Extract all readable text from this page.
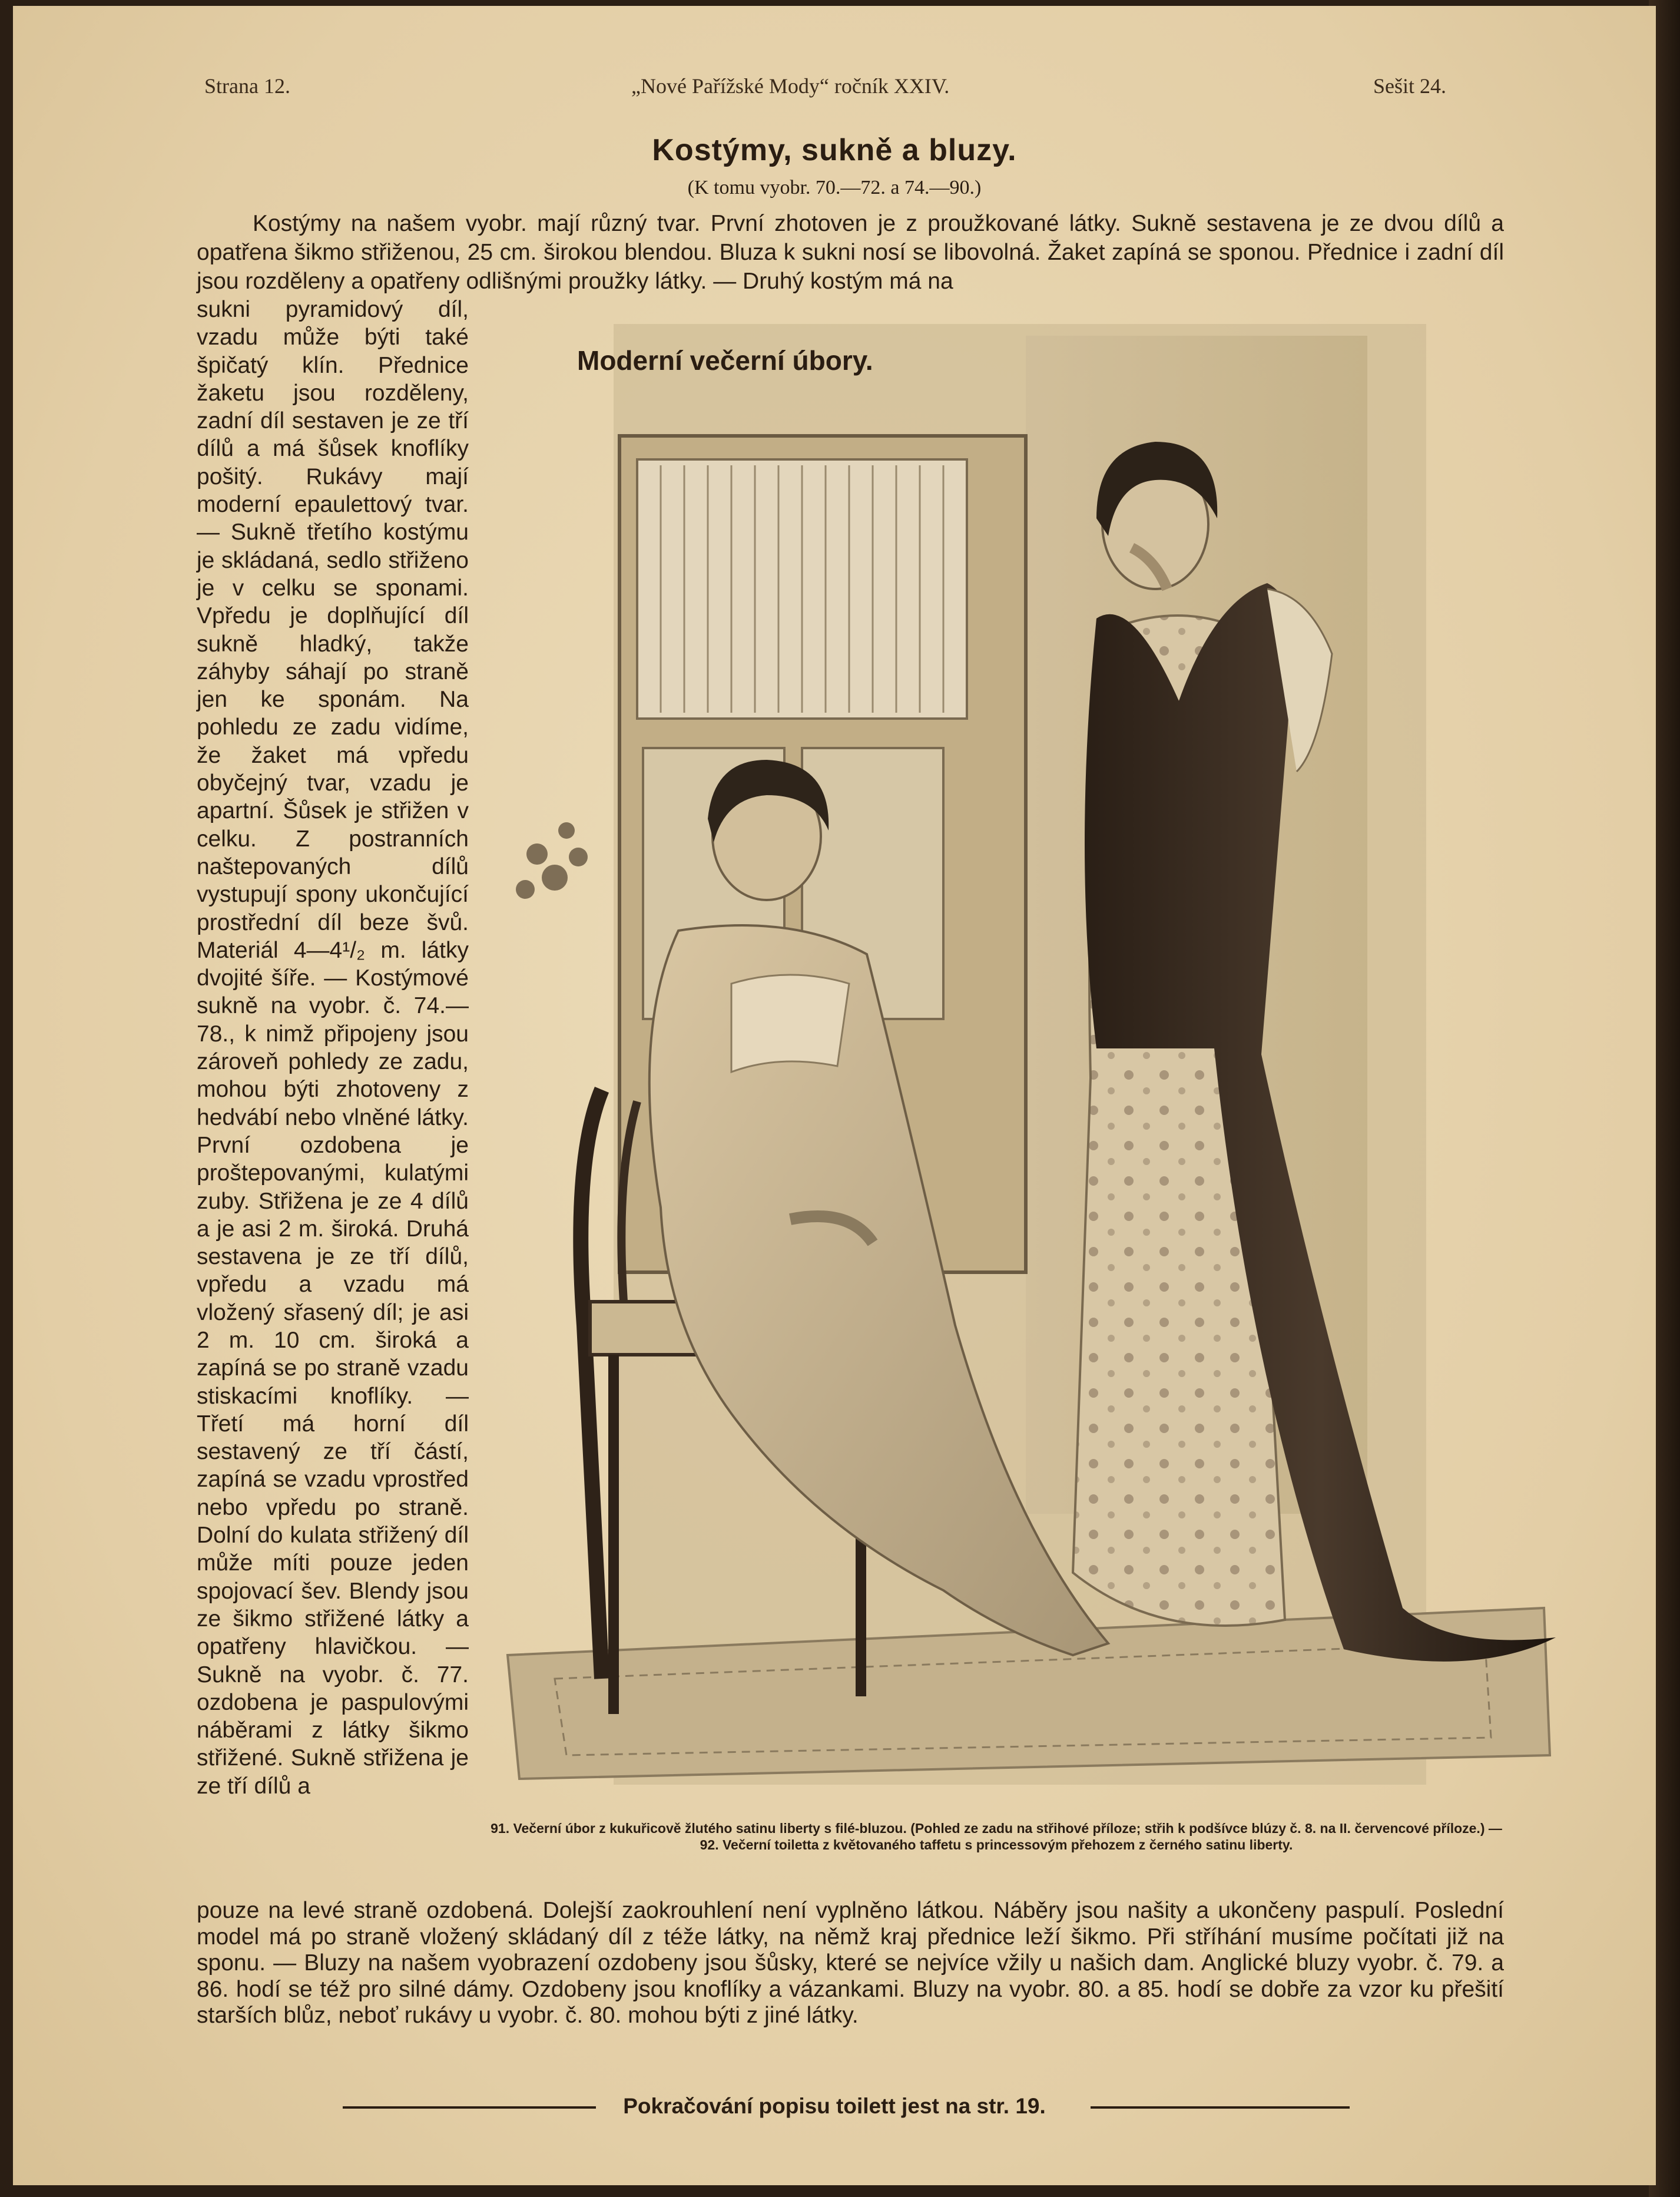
Strana 12.	„Nové Pařížské Mody“ ročník XXIV.	Sešit 24.
Kostýmy, sukně a bluzy.
(K tomu vyobr. 70.—72. a 74.—90.)
Kostýmy na našem vyobr. mají různý tvar. První zhotoven je z proužkované látky. Sukně sestavena je ze dvou dílů a opatřena šikmo střiženou, 25 cm. širokou blendou. Bluza k sukni nosí se libovolná. Žaket zapíná se sponou. Přednice i zadní díl jsou rozděleny a opatřeny odlišnými proužky látky. — Druhý kostým má na
sukni pyramidový díl, vzadu může býti také špičatý klín. Přednice žaketu jsou rozděleny, zadní díl sestaven je ze tří dílů a má šůsek knoflíky pošitý. Rukávy mají moderní epaulettový tvar. — Sukně třetího kostýmu je skládaná, sedlo střiženo je v celku se sponami. Vpředu je doplňující díl sukně hladký, takže záhyby sáhají po straně jen ke sponám. Na pohledu ze zadu vidíme, že žaket má vpředu obyčejný tvar, vzadu je apartní. Šůsek je střižen v celku. Z postranních naštepovaných dílů vystupují spony ukončující prostřední díl beze švů. Materiál 4—4¹/₂ m. látky dvojité šíře. — Kostýmové sukně na vyobr. č. 74.—78., k nimž připojeny jsou zároveň pohledy ze zadu, mohou býti zhotoveny z hedvábí nebo vlněné látky. První ozdobena je proštepovanými, kulatými zuby. Střižena je ze 4 dílů a je asi 2 m. široká. Druhá sestavena je ze tří dílů, vpředu a vzadu má vložený sřasený díl; je asi 2 m. 10 cm. široká a zapíná se po straně vzadu stiskacími knoflíky. — Třetí má horní díl sestavený ze tří částí, zapíná se vzadu vprostřed nebo vpředu po straně. Dolní do kulata střižený díl může míti pouze jeden spojovací šev. Blendy jsou ze šikmo střižené látky a opatřeny hlavičkou. — Sukně na vyobr. č. 77. ozdobena je paspulovými náběrami z látky šikmo střižené. Sukně střižena je ze tří dílů a
Moderní večerní úbory.
91. Večerní úbor z kukuřicově žlutého satinu liberty s filé-bluzou. (Pohled ze zadu na střihové příloze; střih k podšívce blúzy č. 8. na II. červencové příloze.) — 92. Večerní toiletta z květovaného taffetu s princessovým přehozem z černého satinu liberty.
pouze na levé straně ozdobená. Dolejší zaokrouhlení není vyplněno látkou. Náběry jsou našity a ukončeny paspulí. Poslední model má po straně vložený skládaný díl z téže látky, na němž kraj přednice leží šikmo. Při stříhání musíme počítati již na sponu. — Bluzy na našem vyobrazení ozdobeny jsou šůsky, které se nejvíce vžily u našich dam. Anglické bluzy vyobr. č. 79. a 86. hodí se též pro silné dámy. Ozdobeny jsou knoflíky a vázankami. Bluzy na vyobr. 80. a 85. hodí se dobře za vzor ku přešití starších blůz, neboť rukávy u vyobr. č. 80. mohou býti z jiné látky.
Pokračování popisu toilett jest na str. 19.
